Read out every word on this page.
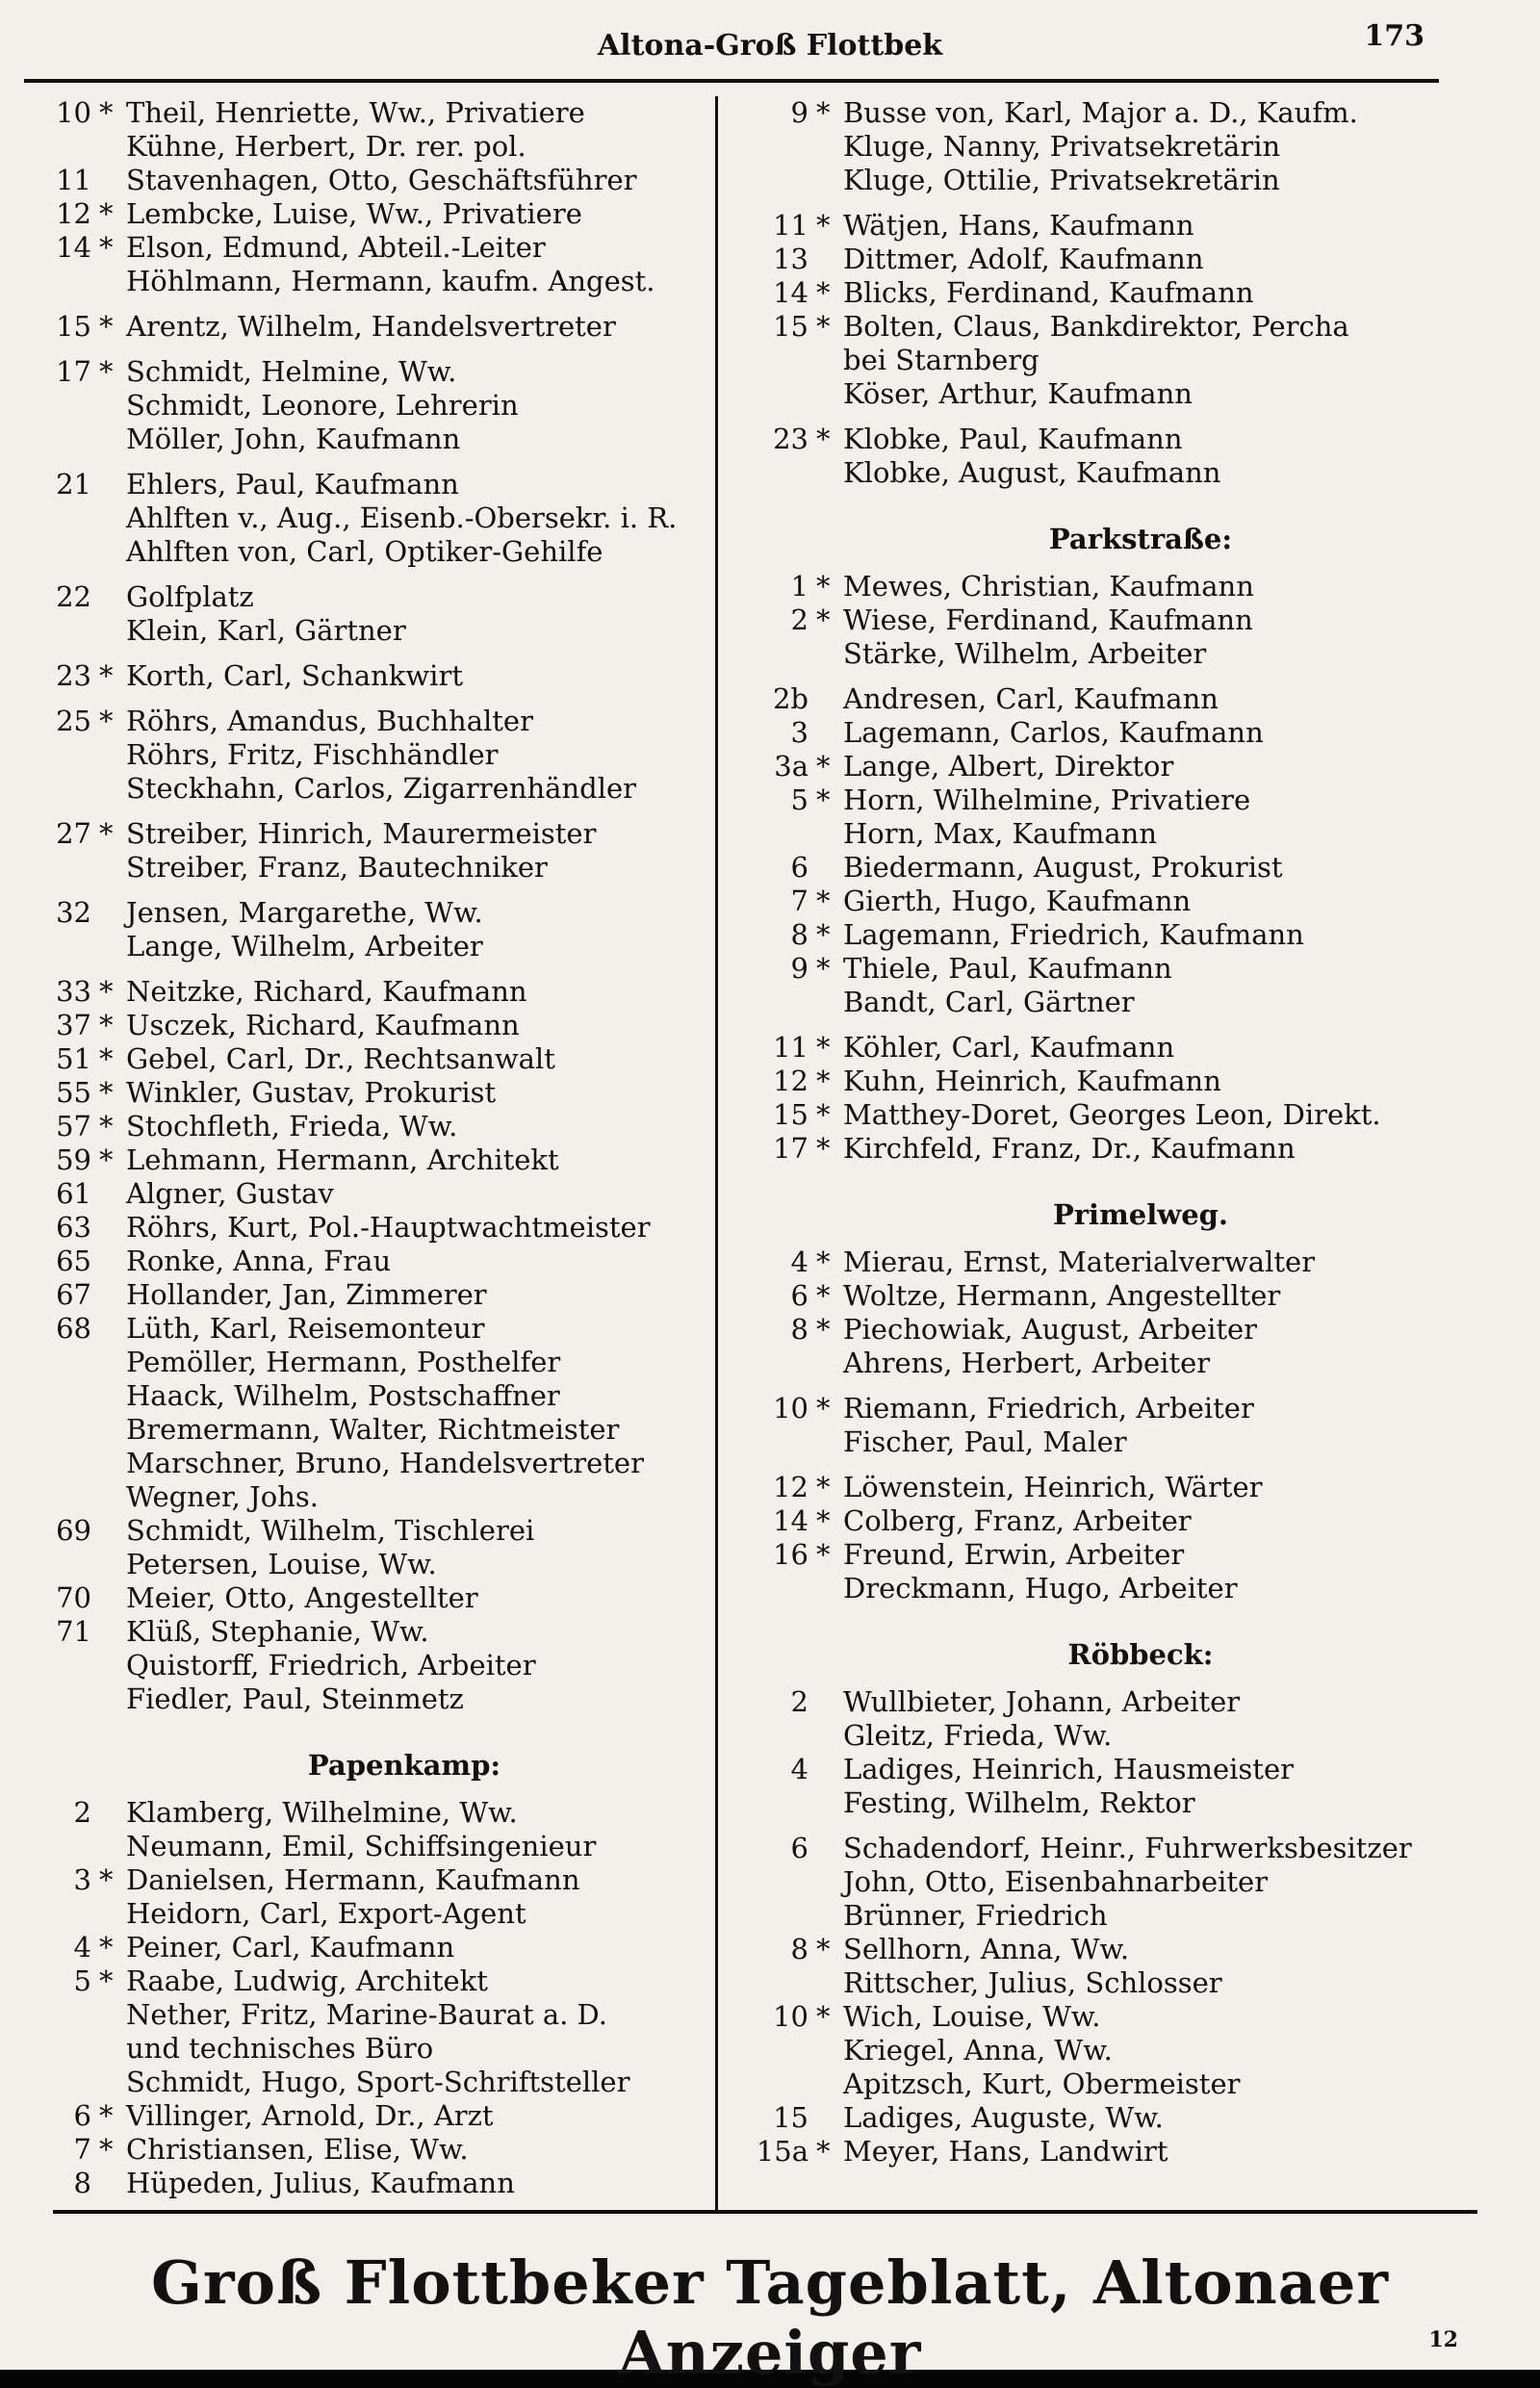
Altona-Groß Flottbek	173
10 * Theil, Henriette, Ww., Privatiere
Kühne, Herbert, Dr. rer. pol.
11 Stavenhagen, Otto, Geschäftsführer
12 * Lembcke, Luise, Ww., Privatiere
14 * Elson, Edmund, Abteil.-Leiter
Höhlmann, Hermann, kaufm. Angest.
15 * Arentz, Wilhelm, Handelsvertreter
17 * Schmidt, Helmine, Ww.
Schmidt, Leonore, Lehrerin
Möller, John, Kaufmann
21 Ehlers, Paul, Kaufmann
Ahlften v., Aug., Eisenb.-Obersekr. i. R.
Ahlften von, Carl, Optiker-Gehilfe
22 Golfplatz
Klein, Karl, Gärtner
23 * Korth, Carl, Schankwirt
25 * Röhrs, Amandus, Buchhalter
Röhrs, Fritz, Fischhändler
Steckhahn, Carlos, Zigarrenhändler
27 * Streiber, Hinrich, Maurermeister
Streiber, Franz, Bautechniker
32 Jensen, Margarethe, Ww.
Lange, Wilhelm, Arbeiter
33 * Neitzke, Richard, Kaufmann
37 * Usczek, Richard, Kaufmann
51 * Gebel, Carl, Dr., Rechtsanwalt
55 * Winkler, Gustav, Prokurist
57 * Stochfleth, Frieda, Ww.
59 * Lehmann, Hermann, Architekt
61 Algner, Gustav
63 Röhrs, Kurt, Pol.-Hauptwachtmeister
65 Ronke, Anna, Frau
67 Hollander, Jan, Zimmerer
68 Lüth, Karl, Reisemonteur
Pemöller, Hermann, Posthelfer
Haack, Wilhelm, Postschaffner
Bremermann, Walter, Richtmeister
Marschner, Bruno, Handelsvertreter
Wegner, Johs.
69 Schmidt, Wilhelm, Tischlerei
Petersen, Louise, Ww.
70 Meier, Otto, Angestellter
71 Klüß, Stephanie, Ww.
Quistorff, Friedrich, Arbeiter
Fiedler, Paul, Steinmetz
Papenkamp:
2 Klamberg, Wilhelmine, Ww.
Neumann, Emil, Schiffsingenieur
3 * Danielsen, Hermann, Kaufmann
Heidorn, Carl, Export-Agent
4 * Peiner, Carl, Kaufmann
5 * Raabe, Ludwig, Architekt
Nether, Fritz, Marine-Baurat a. D.
und technisches Büro
Schmidt, Hugo, Sport-Schriftsteller
6 * Villinger, Arnold, Dr., Arzt
7 * Christiansen, Elise, Ww.
8 Hüpeden, Julius, Kaufmann
9 * Busse von, Karl, Major a. D., Kaufm.
Kluge, Nanny, Privatsekretärin
Kluge, Ottilie, Privatsekretärin
11 * Wätjen, Hans, Kaufmann
13 Dittmer, Adolf, Kaufmann
14 * Blicks, Ferdinand, Kaufmann
15 * Bolten, Claus, Bankdirektor, Percha
bei Starnberg
Köser, Arthur, Kaufmann
23 * Klobke, Paul, Kaufmann
Klobke, August, Kaufmann
Parkstraße:
1 * Mewes, Christian, Kaufmann
2 * Wiese, Ferdinand, Kaufmann
Stärke, Wilhelm, Arbeiter
2b Andresen, Carl, Kaufmann
3 Lagemann, Carlos, Kaufmann
3a * Lange, Albert, Direktor
5 * Horn, Wilhelmine, Privatiere
Horn, Max, Kaufmann
6 Biedermann, August, Prokurist
7 * Gierth, Hugo, Kaufmann
8 * Lagemann, Friedrich, Kaufmann
9 * Thiele, Paul, Kaufmann
Bandt, Carl, Gärtner
11 * Köhler, Carl, Kaufmann
12 * Kuhn, Heinrich, Kaufmann
15 * Matthey-Doret, Georges Leon, Direkt.
17 * Kirchfeld, Franz, Dr., Kaufmann
Primelweg.
4 * Mierau, Ernst, Materialverwalter
6 * Woltze, Hermann, Angestellter
8 * Piechowiak, August, Arbeiter
Ahrens, Herbert, Arbeiter
10 * Riemann, Friedrich, Arbeiter
Fischer, Paul, Maler
12 * Löwenstein, Heinrich, Wärter
14 * Colberg, Franz, Arbeiter
16 * Freund, Erwin, Arbeiter
Dreckmann, Hugo, Arbeiter
Röbbeck:
2 Wullbieter, Johann, Arbeiter
Gleitz, Frieda, Ww.
4 Ladiges, Heinrich, Hausmeister
Festing, Wilhelm, Rektor
6 Schadendorf, Heinr., Fuhrwerksbesitzer
John, Otto, Eisenbahnarbeiter
Brünner, Friedrich
8 * Sellhorn, Anna, Ww.
Rittscher, Julius, Schlosser
10 * Wich, Louise, Ww.
Kriegel, Anna, Ww.
Apitzsch, Kurt, Obermeister
15 Ladiges, Auguste, Ww.
15a * Meyer, Hans, Landwirt
Groß Flottbeker Tageblatt, Altonaer Anzeiger	12
